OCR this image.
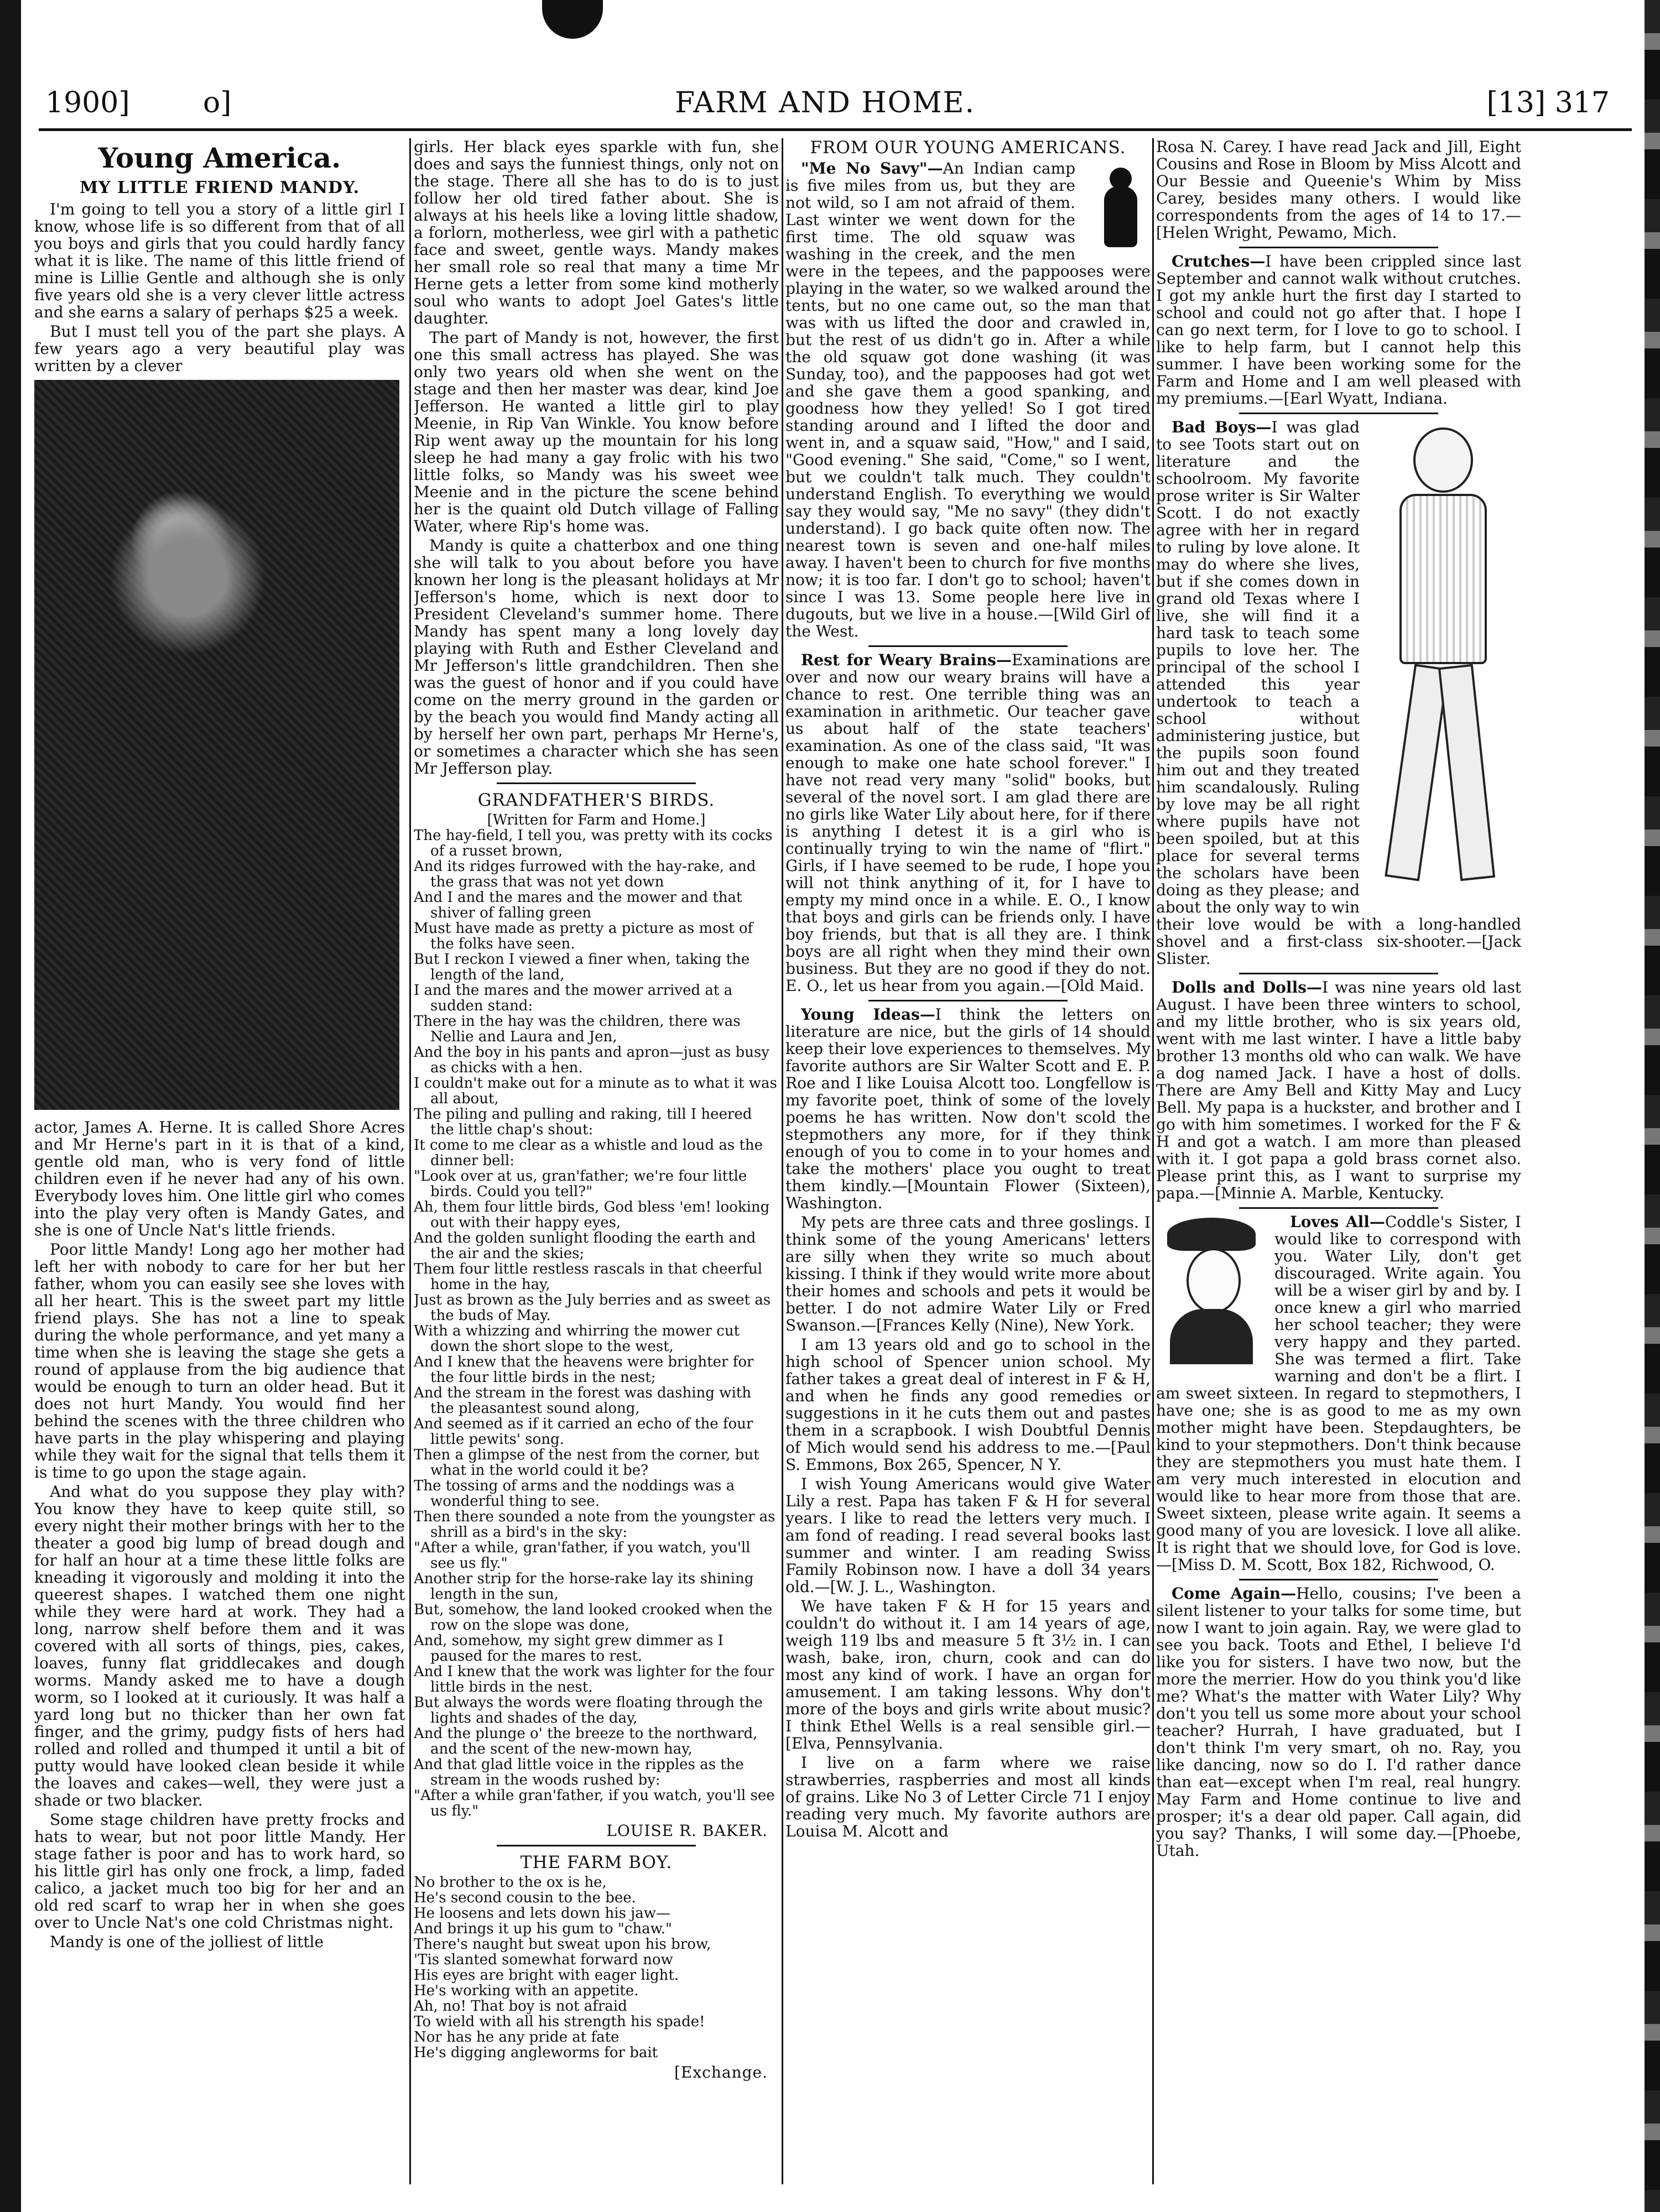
1900]	o]	FARM AND HOME.	[13] 317
Young America.
MY LITTLE FRIEND MANDY.

I'm going to tell you a story of a little girl I know, whose life is so different from that of all you boys and girls that you could hardly fancy what it is like. The name of this little friend of mine is Lillie Gentle and although she is only five years old she is a very clever little actress and she earns a salary of perhaps $25 a week.

But I must tell you of the part she plays. A few years ago a very beautiful play was written by a clever

actor, James A. Herne. It is called Shore Acres and Mr Herne's part in it is that of a kind, gentle old man, who is very fond of little children even if he never had any of his own. Everybody loves him. One little girl who comes into the play very often is Mandy Gates, and she is one of Uncle Nat's little friends.

Poor little Mandy! Long ago her mother had left her with nobody to care for her but her father, whom you can easily see she loves with all her heart. This is the sweet part my little friend plays. She has not a line to speak during the whole performance, and yet many a time when she is leaving the stage she gets a round of applause from the big audience that would be enough to turn an older head. But it does not hurt Mandy. You would find her behind the scenes with the three children who have parts in the play whispering and playing while they wait for the signal that tells them it is time to go upon the stage again.

And what do you suppose they play with? You know they have to keep quite still, so every night their mother brings with her to the theater a good big lump of bread dough and for half an hour at a time these little folks are kneading it vigorously and molding it into the queerest shapes. I watched them one night while they were hard at work. They had a long, narrow shelf before them and it was covered with all sorts of things, pies, cakes, loaves, funny flat griddlecakes and dough worms. Mandy asked me to have a dough worm, so I looked at it curiously. It was half a yard long but no thicker than her own fat finger, and the grimy, pudgy fists of hers had rolled and rolled and thumped it until a bit of putty would have looked clean beside it while the loaves and cakes—well, they were just a shade or two blacker.

Some stage children have pretty frocks and hats to wear, but not poor little Mandy. Her stage father is poor and has to work hard, so his little girl has only one frock, a limp, faded calico, a jacket much too big for her and an old red scarf to wrap her in when she goes over to Uncle Nat's one cold Christmas night.

Mandy is one of the jolliest of little

girls. Her black eyes sparkle with fun, she does and says the funniest things, only not on the stage. There all she has to do is to just follow her old tired father about. She is always at his heels like a loving little shadow, a forlorn, motherless, wee girl with a pathetic face and sweet, gentle ways. Mandy makes her small role so real that many a time Mr Herne gets a letter from some kind motherly soul who wants to adopt Joel Gates's little daughter.

The part of Mandy is not, however, the first one this small actress has played. She was only two years old when she went on the stage and then her master was dear, kind Joe Jefferson. He wanted a little girl to play Meenie, in Rip Van Winkle. You know before Rip went away up the mountain for his long sleep he had many a gay frolic with his two little folks, so Mandy was his sweet wee Meenie and in the picture the scene behind her is the quaint old Dutch village of Falling Water, where Rip's home was.

Mandy is quite a chatterbox and one thing she will talk to you about before you have known her long is the pleasant holidays at Mr Jefferson's home, which is next door to President Cleveland's summer home. There Mandy has spent many a long lovely day playing with Ruth and Esther Cleveland and Mr Jefferson's little grandchildren. Then she was the guest of honor and if you could have come on the merry ground in the garden or by the beach you would find Mandy acting all by herself her own part, perhaps Mr Herne's, or sometimes a character which she has seen Mr Jefferson play.

GRANDFATHER'S BIRDS.
[Written for Farm and Home.]
The hay-field, I tell you, was pretty with its cocks of a russet brown,
And its ridges furrowed with the hay-rake, and the grass that was not yet down
And I and the mares and the mower and that shiver of falling green
Must have made as pretty a picture as most of the folks have seen.
But I reckon I viewed a finer when, taking the length of the land,
I and the mares and the mower arrived at a sudden stand:
There in the hay was the children, there was Nellie and Laura and Jen,
And the boy in his pants and apron—just as busy as chicks with a hen.
I couldn't make out for a minute as to what it was all about,
The piling and pulling and raking, till I heered the little chap's shout:
It come to me clear as a whistle and loud as the dinner bell:
"Look over at us, gran'father; we're four little birds. Could you tell?"
Ah, them four little birds, God bless 'em! looking out with their happy eyes,
And the golden sunlight flooding the earth and the air and the skies;
Them four little restless rascals in that cheerful home in the hay,
Just as brown as the July berries and as sweet as the buds of May.
With a whizzing and whirring the mower cut down the short slope to the west,
And I knew that the heavens were brighter for the four little birds in the nest;
And the stream in the forest was dashing with the pleasantest sound along,
And seemed as if it carried an echo of the four little pewits' song.
Then a glimpse of the nest from the corner, but what in the world could it be?
The tossing of arms and the noddings was a wonderful thing to see.
Then there sounded a note from the youngster as shrill as a bird's in the sky:
"After a while, gran'father, if you watch, you'll see us fly."
Another strip for the horse-rake lay its shining length in the sun,
But, somehow, the land looked crooked when the row on the slope was done,
And, somehow, my sight grew dimmer as I paused for the mares to rest.
And I knew that the work was lighter for the four little birds in the nest.
But always the words were floating through the lights and shades of the day,
And the plunge o' the breeze to the northward, and the scent of the new-mown hay,
And that glad little voice in the ripples as the stream in the woods rushed by:
"After a while gran'father, if you watch, you'll see us fly."
LOUISE R. BAKER.
THE FARM BOY.
No brother to the ox is he,
He's second cousin to the bee.
He loosens and lets down his jaw—
And brings it up his gum to "chaw."
There's naught but sweat upon his brow,
'Tis slanted somewhat forward now
His eyes are bright with eager light.
He's working with an appetite.
Ah, no! That boy is not afraid
To wield with all his strength his spade!
Nor has he any pride at fate
He's digging angleworms for bait
[Exchange.
FROM OUR YOUNG AMERICANS.

"Me No Savy"—An Indian camp is five miles from us, but they are not wild, so I am not afraid of them. Last winter we went down for the first time. The old squaw was washing in the creek, and the men were in the tepees, and the pappooses were playing in the water, so we walked around the tents, but no one came out, so the man that was with us lifted the door and crawled in, but the rest of us didn't go in. After a while the old squaw got done washing (it was Sunday, too), and the pappooses had got wet and she gave them a good spanking, and goodness how they yelled! So I got tired standing around and I lifted the door and went in, and a squaw said, "How," and I said, "Good evening." She said, "Come," so I went, but we couldn't talk much. They couldn't understand English. To everything we would say they would say, "Me no savy" (they didn't understand). I go back quite often now. The nearest town is seven and one-half miles away. I haven't been to church for five months now; it is too far. I don't go to school; haven't since I was 13. Some people here live in dugouts, but we live in a house.—[Wild Girl of the West.

Rest for Weary Brains—Examinations are over and now our weary brains will have a chance to rest. One terrible thing was an examination in arithmetic. Our teacher gave us about half of the state teachers' examination. As one of the class said, "It was enough to make one hate school forever." I have not read very many "solid" books, but several of the novel sort. I am glad there are no girls like Water Lily about here, for if there is anything I detest it is a girl who is continually trying to win the name of "flirt." Girls, if I have seemed to be rude, I hope you will not think anything of it, for I have to empty my mind once in a while. E. O., I know that boys and girls can be friends only. I have boy friends, but that is all they are. I think boys are all right when they mind their own business. But they are no good if they do not. E. O., let us hear from you again.—[Old Maid.

Young Ideas—I think the letters on literature are nice, but the girls of 14 should keep their love experiences to themselves. My favorite authors are Sir Walter Scott and E. P. Roe and I like Louisa Alcott too. Longfellow is my favorite poet, think of some of the lovely poems he has written. Now don't scold the stepmothers any more, for if they think enough of you to come in to your homes and take the mothers' place you ought to treat them kindly.—[Mountain Flower (Sixteen), Washington.

My pets are three cats and three goslings. I think some of the young Americans' letters are silly when they write so much about kissing. I think if they would write more about their homes and schools and pets it would be better. I do not admire Water Lily or Fred Swanson.—[Frances Kelly (Nine), New York.

I am 13 years old and go to school in the high school of Spencer union school. My father takes a great deal of interest in F & H, and when he finds any good remedies or suggestions in it he cuts them out and pastes them in a scrapbook. I wish Doubtful Dennis of Mich would send his address to me.—[Paul S. Emmons, Box 265, Spencer, N Y.

I wish Young Americans would give Water Lily a rest. Papa has taken F & H for several years. I like to read the letters very much. I am fond of reading. I read several books last summer and winter. I am reading Swiss Family Robinson now. I have a doll 34 years old.—[W. J. L., Washington.

We have taken F & H for 15 years and couldn't do without it. I am 14 years of age, weigh 119 lbs and measure 5 ft 3½ in. I can wash, bake, iron, churn, cook and can do most any kind of work. I have an organ for amusement. I am taking lessons. Why don't more of the boys and girls write about music? I think Ethel Wells is a real sensible girl.—[Elva, Pennsylvania.

I live on a farm where we raise strawberries, raspberries and most all kinds of grains. Like No 3 of Letter Circle 71 I enjoy reading very much. My favorite authors are Louisa M. Alcott and

Rosa N. Carey. I have read Jack and Jill, Eight Cousins and Rose in Bloom by Miss Alcott and Our Bessie and Queenie's Whim by Miss Carey, besides many others. I would like correspondents from the ages of 14 to 17.—[Helen Wright, Pewamo, Mich.

Crutches—I have been crippled since last September and cannot walk without crutches. I got my ankle hurt the first day I started to school and could not go after that. I hope I can go next term, for I love to go to school. I like to help farm, but I cannot help this summer. I have been working some for the Farm and Home and I am well pleased with my premiums.—[Earl Wyatt, Indiana.

Bad Boys—I was glad to see Toots start out on literature and the schoolroom. My favorite prose writer is Sir Walter Scott. I do not exactly agree with her in regard to ruling by love alone. It may do where she lives, but if she comes down in grand old Texas where I live, she will find it a hard task to teach some pupils to love her. The principal of the school I attended this year undertook to teach a school without administering justice, but the pupils soon found him out and they treated him scandalously. Ruling by love may be all right where pupils have not been spoiled, but at this place for several terms the scholars have been doing as they please; and about the only way to win their love would be with a long-handled shovel and a first-class six-shooter.—[Jack Slister.

Dolls and Dolls—I was nine years old last August. I have been three winters to school, and my little brother, who is six years old, went with me last winter. I have a little baby brother 13 months old who can walk. We have a dog named Jack. I have a host of dolls. There are Amy Bell and Kitty May and Lucy Bell. My papa is a huckster, and brother and I go with him sometimes. I worked for the F & H and got a watch. I am more than pleased with it. I got papa a gold brass cornet also. Please print this, as I want to surprise my papa.—[Minnie A. Marble, Kentucky.

Loves All—Coddle's Sister, I would like to correspond with you. Water Lily, don't get discouraged. Write again. You will be a wiser girl by and by. I once knew a girl who married her school teacher; they were very happy and they parted. She was termed a flirt. Take warning and don't be a flirt. I am sweet sixteen. In regard to stepmothers, I have one; she is as good to me as my own mother might have been. Stepdaughters, be kind to your stepmothers. Don't think because they are stepmothers you must hate them. I am very much interested in elocution and would like to hear more from those that are. Sweet sixteen, please write again. It seems a good many of you are lovesick. I love all alike. It is right that we should love, for God is love.—[Miss D. M. Scott, Box 182, Richwood, O.

Come Again—Hello, cousins; I've been a silent listener to your talks for some time, but now I want to join again. Ray, we were glad to see you back. Toots and Ethel, I believe I'd like you for sisters. I have two now, but the more the merrier. How do you think you'd like me? What's the matter with Water Lily? Why don't you tell us some more about your school teacher? Hurrah, I have graduated, but I don't think I'm very smart, oh no. Ray, you like dancing, now so do I. I'd rather dance than eat—except when I'm real, real hungry. May Farm and Home continue to live and prosper; it's a dear old paper. Call again, did you say? Thanks, I will some day.—[Phoebe, Utah.
